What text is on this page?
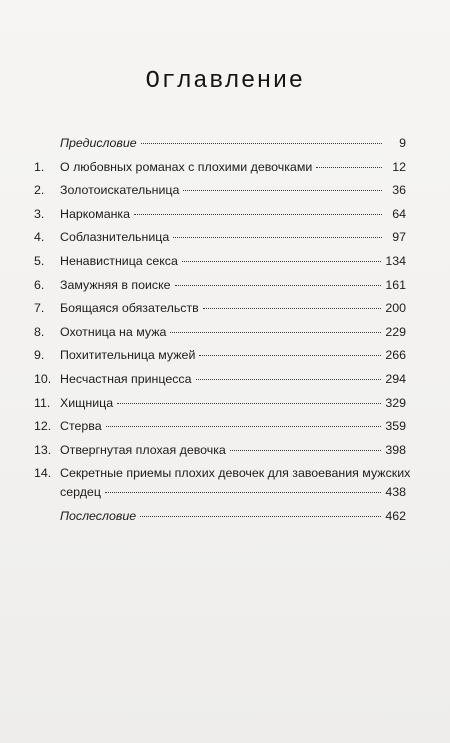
Оглавление
Предисловие	9
1.	О любовных романах с плохими девочками	12
2.	Золотоискательница	36
3.	Наркоманка	64
4.	Соблазнительница	97
5.	Ненавистница секса	134
6.	Замужняя в поиске	161
7.	Боящаяся обязательств	200
8.	Охотница на мужа	229
9.	Похитительница мужей	266
10. Несчастная принцесса	294
11. Хищница	329
12. Стерва	359
13. Отвергнутая плохая девочка	398
14. Секретные приемы плохих девочек для завоевания мужских
сердец	438
Послесловие	462
